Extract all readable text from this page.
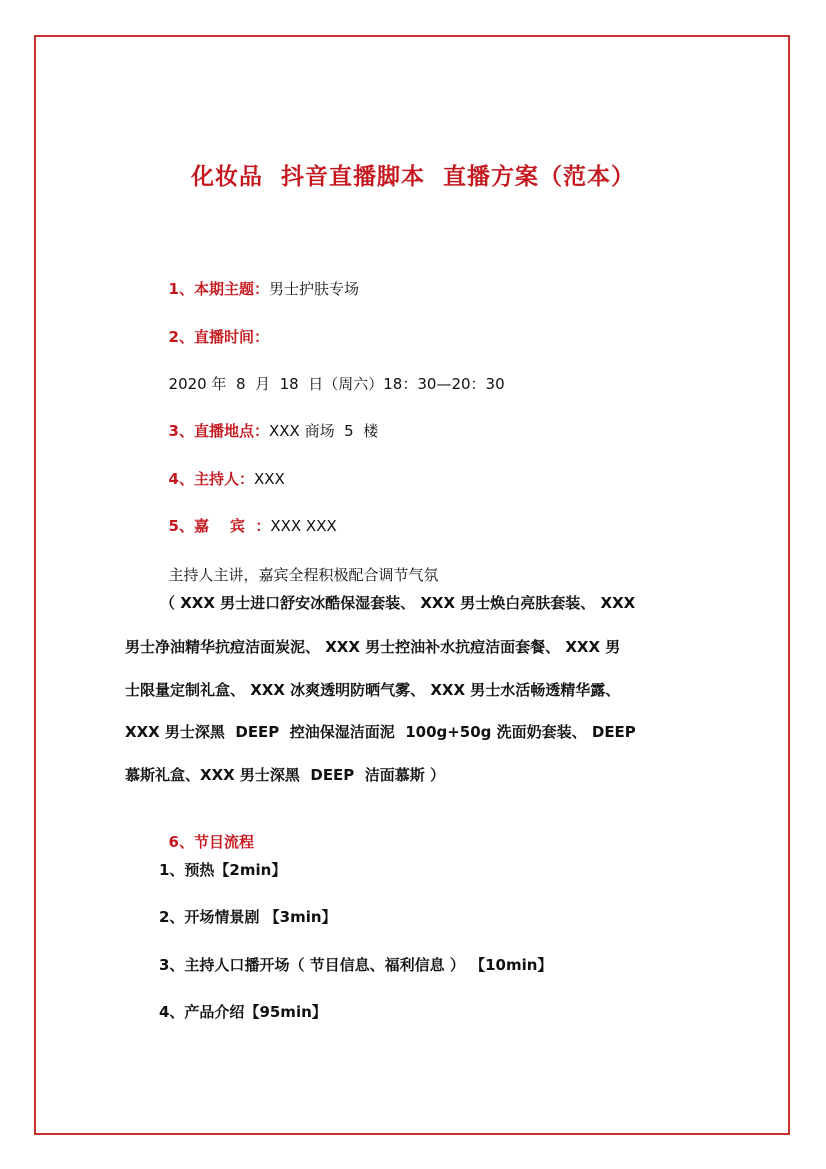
化妆品  抖音直播脚本  直播方案（范本）

1、本期主题：男士护肤专场

2、直播时间：

2020 年  8  月  18  日（周六）18：30—20：30

3、直播地点：XXX 商场  5  楼

4、主持人：XXX

5、嘉    宾  ：XXX XXX

主持人主讲，嘉宾全程积极配合调节气氛

（ XXX 男士进口舒安冰酷保湿套装、 XXX 男士焕白亮肤套装、 XXX
男士净油精华抗痘洁面炭泥、 XXX 男士控油补水抗痘洁面套餐、 XXX 男
士限量定制礼盒、 XXX 冰爽透明防晒气雾、 XXX 男士水活畅透精华露、
XXX 男士深黑  DEEP  控油保湿洁面泥  100g+50g 洗面奶套装、 DEEP
慕斯礼盒、XXX 男士深黑  DEEP  洁面慕斯 ）

6、节目流程

1、预热【2min】
2、开场情景剧 【3min】
3、主持人口播开场（ 节目信息、福利信息 ） 【10min】
4、产品介绍【95min】
